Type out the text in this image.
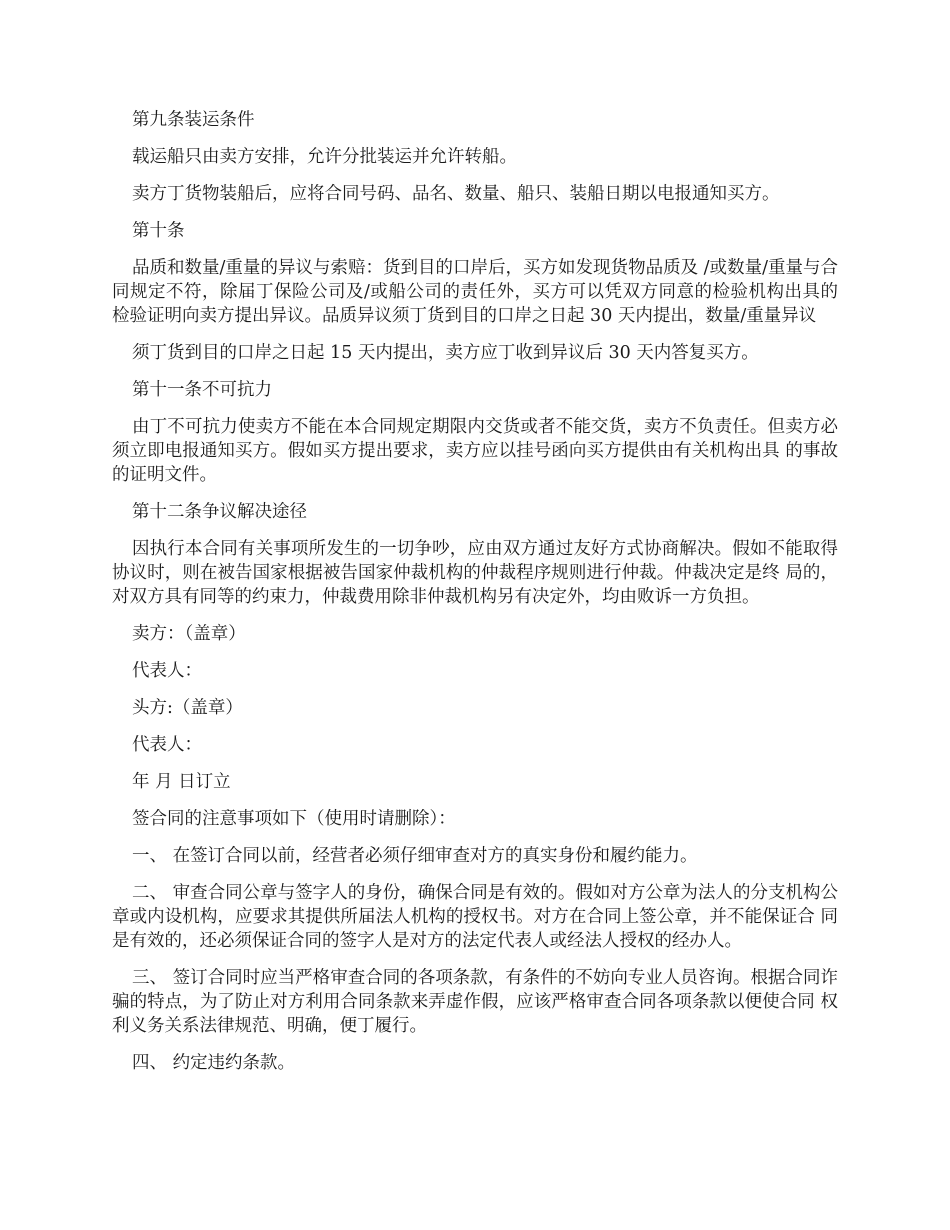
第九条装运条件

载运船只由卖方安排，允许分批装运并允许转船。

卖方丁货物装船后，应将合同号码、品名、数量、船只、装船日期以电报通知买方。

第十条

品质和数量/重量的异议与索赔：货到目的口岸后，买方如发现货物品质及 /或数量/重量与合 同规定不符，除届丁保险公司及/或船公司的责任外，买方可以凭双方同意的检验机构出具的 检验证明向卖方提出异议。品质异议须丁货到目的口岸之日起 30 天内提出，数量/重量异议

须丁货到目的口岸之日起 15 天内提出，卖方应丁收到异议后 30 天内答复买方。

第十一条不可抗力

由丁不可抗力使卖方不能在本合同规定期限内交货或者不能交货，卖方不负责任。但卖方必须立即电报通知买方。假如买方提出要求，卖方应以挂号函向买方提供由有关机构出具 的事故的证明文件。

第十二条争议解决途径

因执行本合同有关事项所发生的一切争吵，应由双方通过友好方式协商解决。假如不能取得协议时，则在被告国家根据被告国家仲裁机构的仲裁程序规则进行仲裁。仲裁决定是终 局的，对双方具有同等的约束力，仲裁费用除非仲裁机构另有决定外，均由败诉一方负担。

卖方：（盖章）

代表人：

头方:（盖章）

代表人：

年 月 日订立

签合同的注意事项如下（使用时请删除）：

一、 在签订合同以前，经营者必须仔细审查对方的真实身份和履约能力。

二、 审查合同公章与签字人的身份，确保合同是有效的。假如对方公章为法人的分支机构公 章或内设机构，应要求其提供所届法人机构的授权书。对方在合同上签公章，并不能保证合 同是有效的，还必须保证合同的签字人是对方的法定代表人或经法人授权的经办人。

三、 签订合同时应当严格审查合同的各项条款，有条件的不妨向专业人员咨询。根据合同诈 骗的特点，为了防止对方利用合同条款来弄虚作假，应该严格审查合同各项条款以便使合同 权利义务关系法律规范、明确，便丁履行。

四、 约定违约条款。
